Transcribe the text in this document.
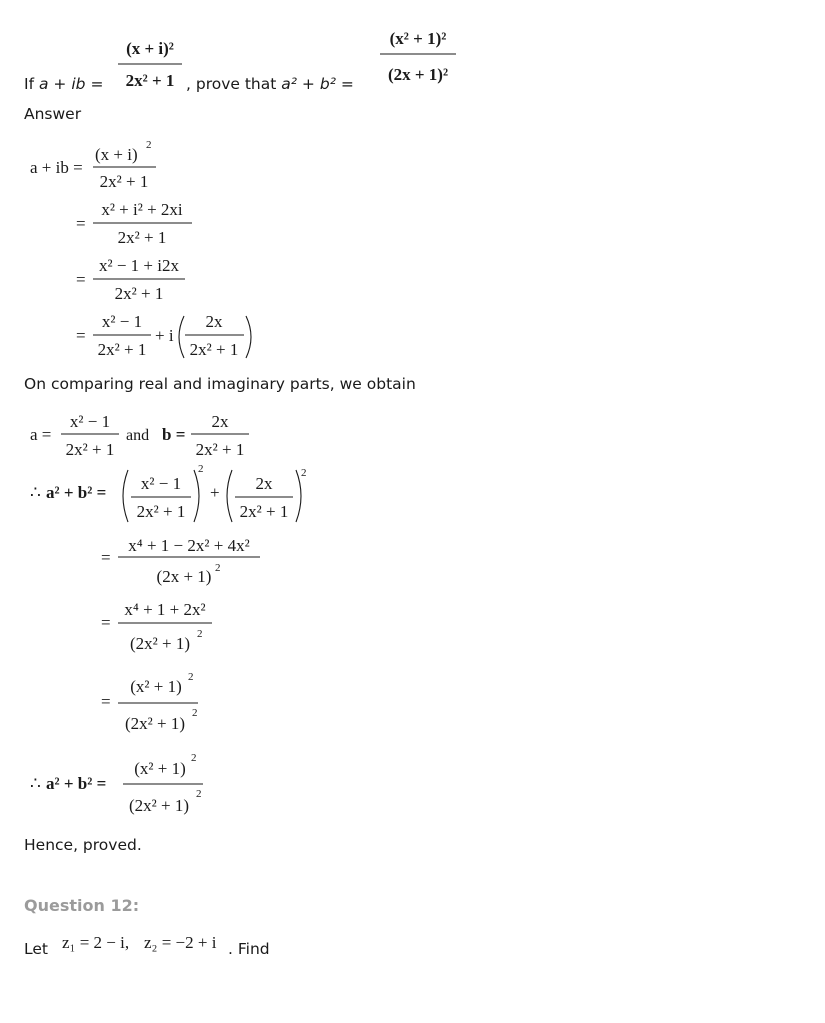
If a + ib =
(x + i)²
2x² + 1
(x² + 1)²
(2x + 1)²
a + ib =
(x + i) 2
2x² + 1
=
x² + i² + 2xi
2x² + 1
=
x² − 1 + i2x
2x² + 1
=
x² − 1
2x² + 1
+ i
2x
2x² + 1
a =
x² − 1
2x² + 1
and b =
2x
2x² + 1
∴ a² + b² = x² − 1
2x² + 1
2
+ 2x
2x² + 1
2
=
x⁴ + 1 − 2x² + 4x²
(2x + 1) 2
=
x⁴ + 1 + 2x²
(2x² + 1) 2
=
(x² + 1) 2
(2x² + 1)
2
∴ a² + b² =
(x² + 1)
2
(2x² + 1)
2
z₁ = 2 − i, z₂ = −2 + i
, prove that a² + b² =
Answer
On comparing real and imaginary parts, we obtain
Hence, proved.
Question 12:
Let	. Find
